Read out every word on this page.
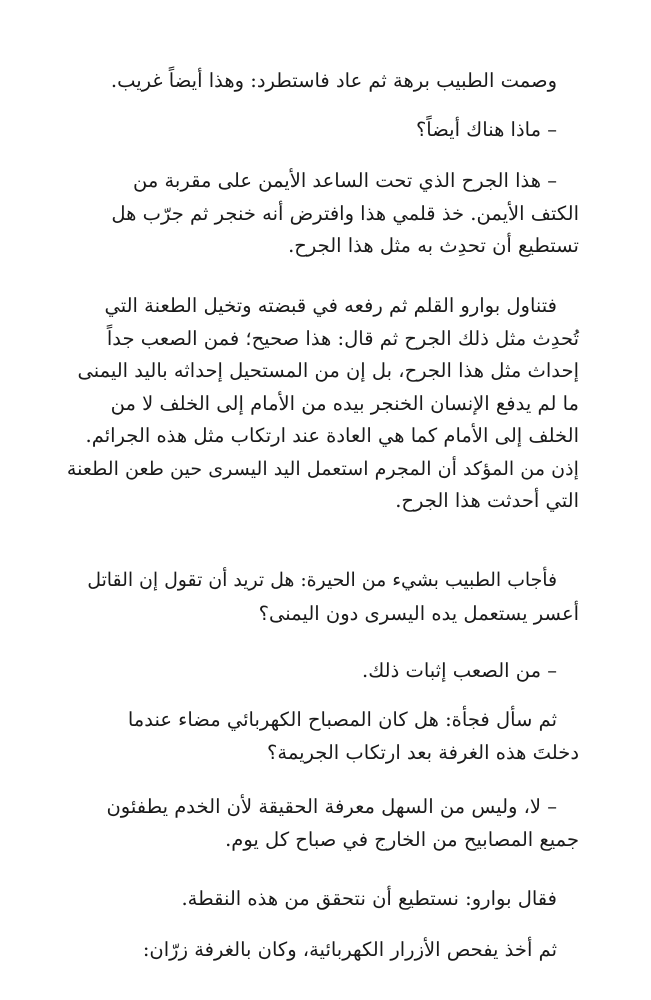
وصمت الطبيب برهة ثم عاد فاستطرد: وهذا أيضاً غريب.

– ماذا هناك أيضاً؟

– هذا الجرح الذي تحت الساعد الأيمن على مقربة من
الكتف الأيمن. خذ قلمي هذا وافترض أنه خنجر ثم جرّب هل
تستطيع أن تحدِث به مثل هذا الجرح.

فتناول بوارو القلم ثم رفعه في قبضته وتخيل الطعنة التي
تُحدِث مثل ذلك الجرح ثم قال: هذا صحيح؛ فمن الصعب جداً
إحداث مثل هذا الجرح، بل إن من المستحيل إحداثه باليد اليمنى
ما لم يدفع الإنسان الخنجر بيده من الأمام إلى الخلف لا من
الخلف إلى الأمام كما هي العادة عند ارتكاب مثل هذه الجرائم.
إذن من المؤكد أن المجرم استعمل اليد اليسرى حين طعن الطعنة
التي أحدثت هذا الجرح.

فأجاب الطبيب بشيء من الحيرة: هل تريد أن تقول إن القاتل
أعسر يستعمل يده اليسرى دون اليمنى؟

– من الصعب إثبات ذلك.

ثم سأل فجأة: هل كان المصباح الكهربائي مضاء عندما
دخلتَ هذه الغرفة بعد ارتكاب الجريمة؟

– لا، وليس من السهل معرفة الحقيقة لأن الخدم يطفئون
جميع المصابيح من الخارج في صباح كل يوم.

فقال بوارو: نستطيع أن نتحقق من هذه النقطة.

ثم أخذ يفحص الأزرار الكهربائية، وكان بالغرفة زرّان:
